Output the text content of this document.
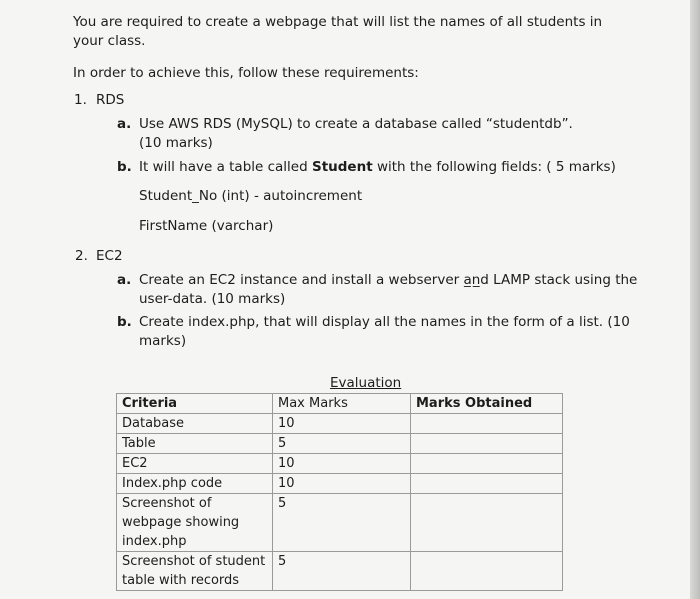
You are required to create a webpage that will list the names of all students in
your class.
In order to achieve this, follow these requirements:
1. RDS
a. Use AWS RDS (MySQL) to create a database called “studentdb”.
(10 marks)
b. It will have a table called Student with the following fields: ( 5 marks)
Student_No (int) - autoincrement
FirstName (varchar)
2. EC2
a. Create an EC2 instance and install a webserver a̲n̲d LAMP stack using the
user-data. (10 marks)
b. Create index.php, that will display all the names in the form of a list. (10
marks)
Evaluation
Criteria	Max Marks	Marks Obtained
Database	10	
Table	5	
EC2	10	
Index.php code	10	
Screenshot of webpage showing index.php	5	
Screenshot of student table with records	5	
